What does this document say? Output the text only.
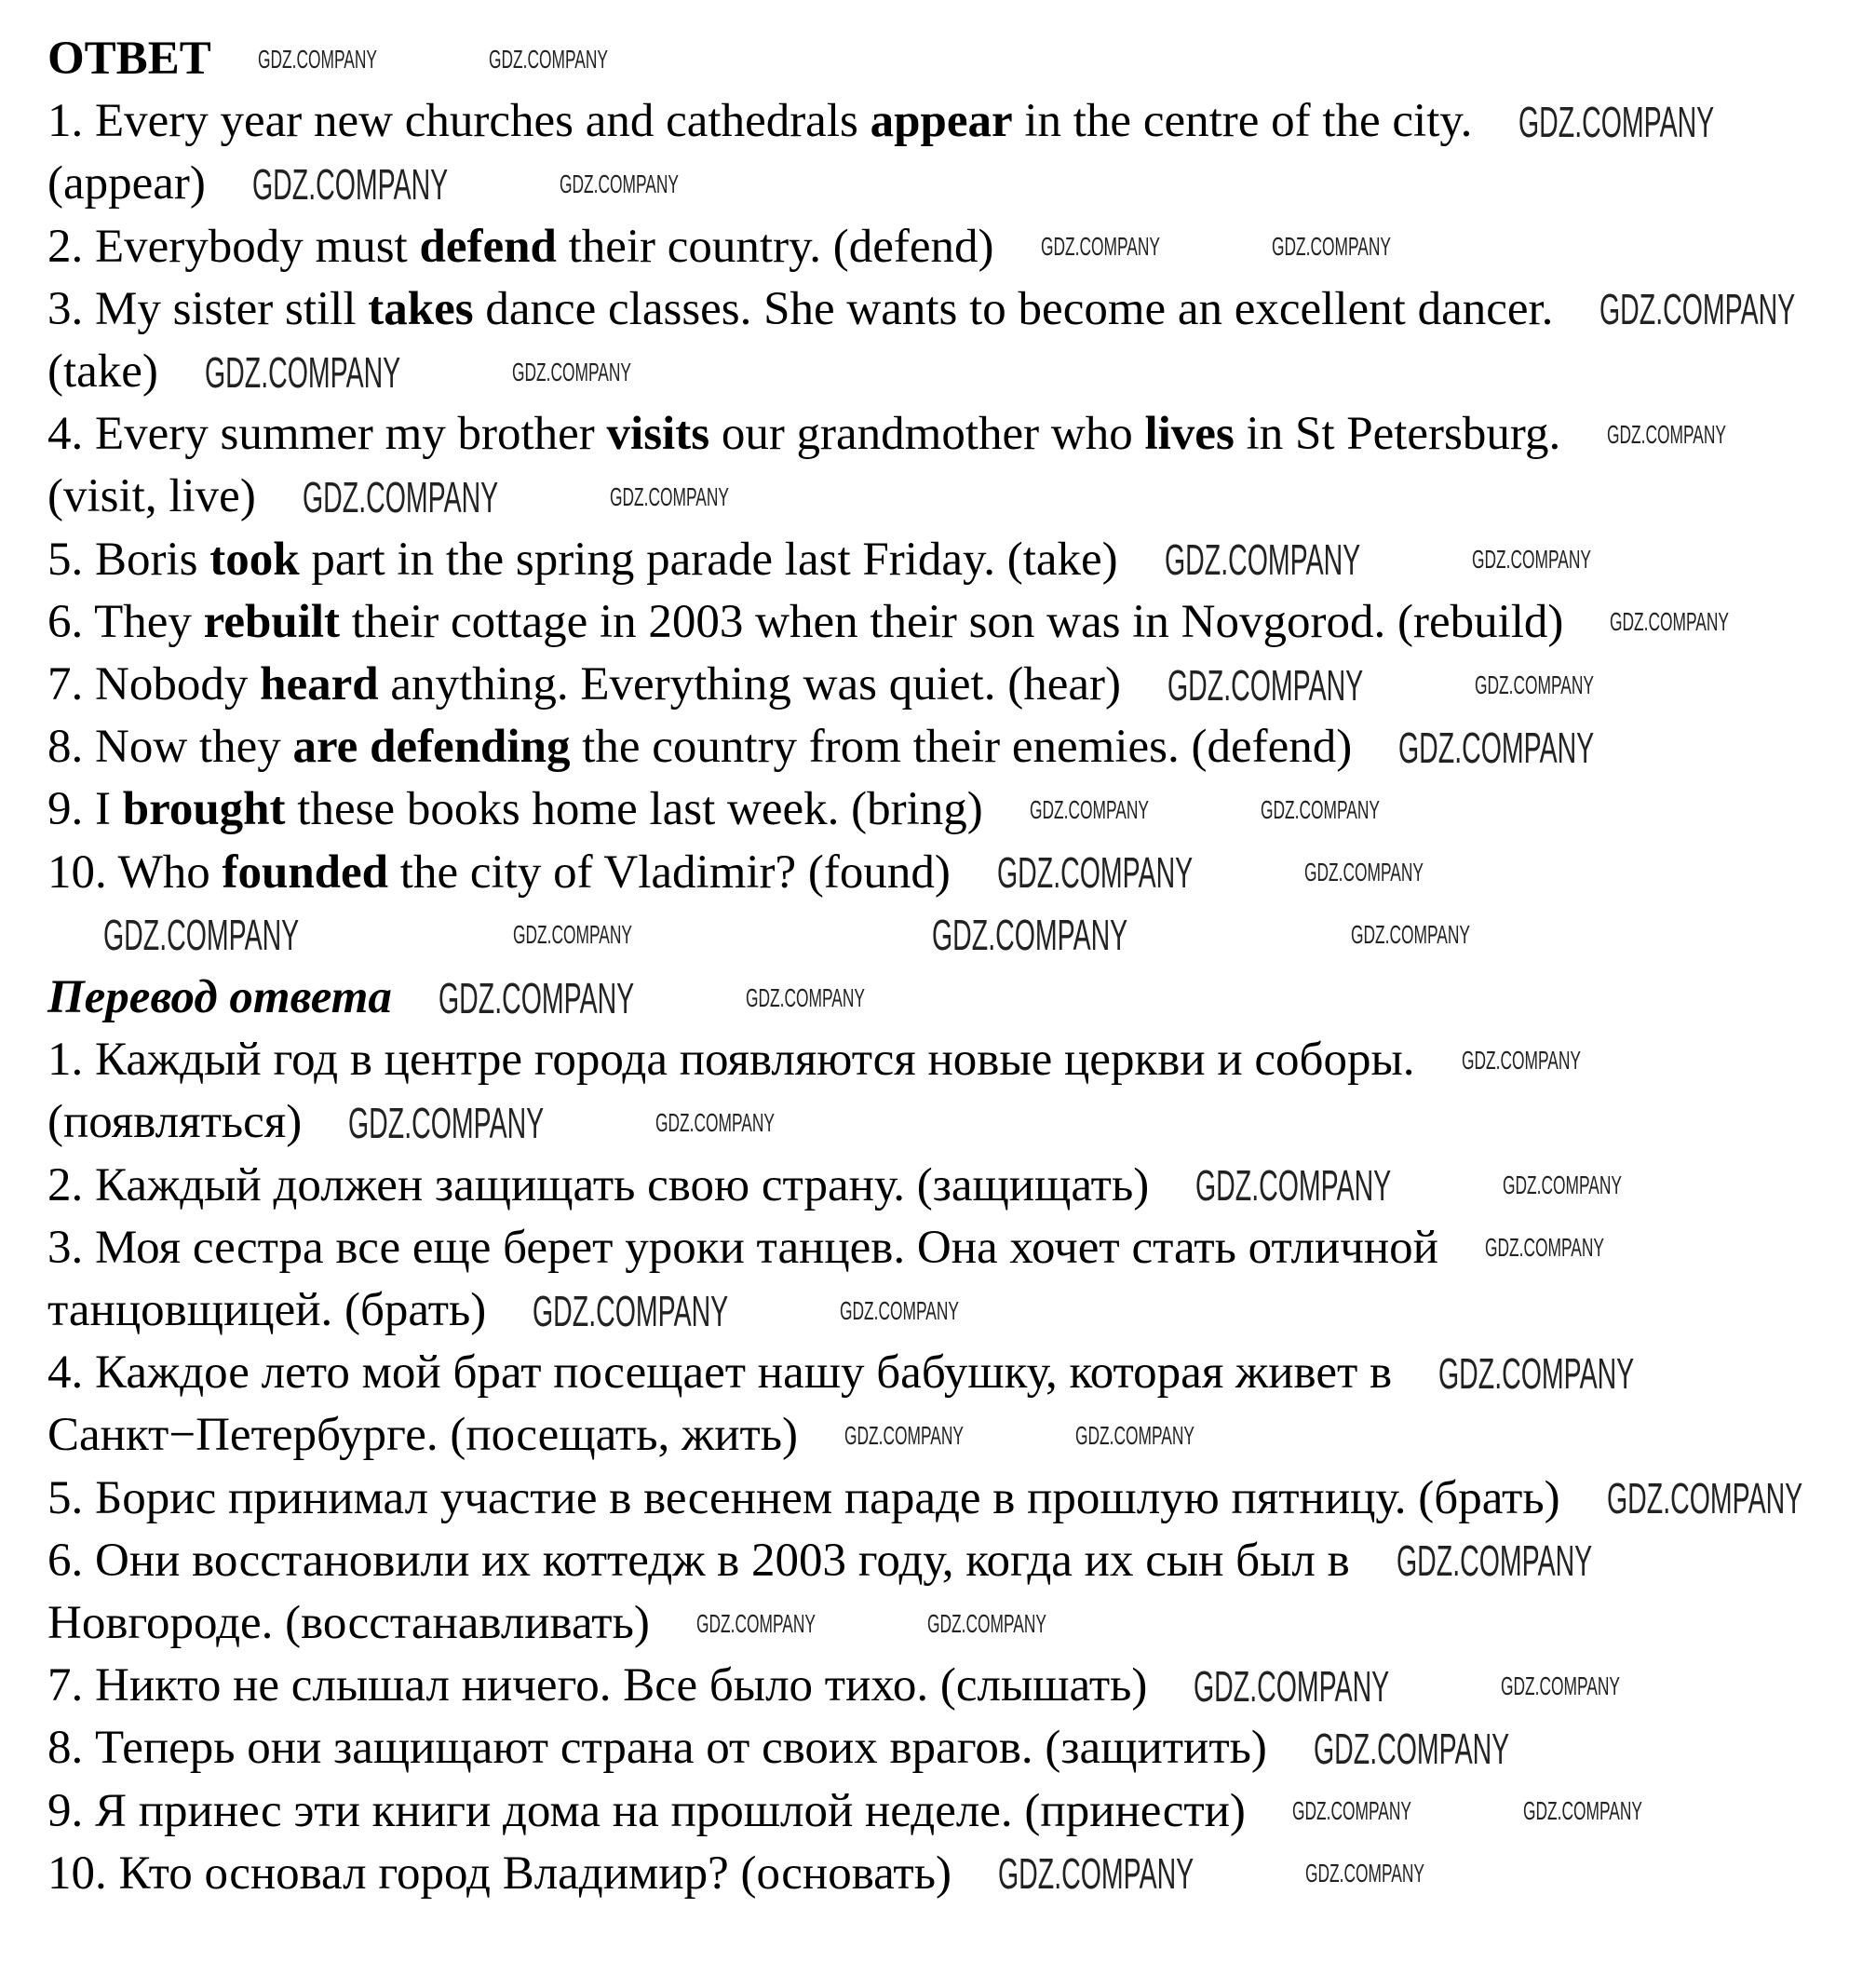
ОТВЕТ
1. Every year new churches and cathedrals appear in the centre of the city.
(appear)
2. Everybody must defend their country. (defend)
3. My sister still takes dance classes. She wants to become an excellent dancer.
(take)
4. Every summer my brother visits our grandmother who lives in St Petersburg.
(visit, live)
5. Boris took part in the spring parade last Friday. (take)
6. They rebuilt their cottage in 2003 when their son was in Novgorod. (rebuild)
7. Nobody heard anything. Everything was quiet. (hear)
8. Now they are defending the country from their enemies. (defend)
9. I brought these books home last week. (bring)
10. Who founded the city of Vladimir? (found)
Перевод ответа
1. Каждый год в центре города появляются новые церкви и соборы.
(появляться)
2. Каждый должен защищать свою страну. (защищать)
3. Моя сестра все еще берет уроки танцев. Она хочет стать отличной
танцовщицей. (брать)
4. Каждое лето мой брат посещает нашу бабушку, которая живет в
Санкт−Петербурге. (посещать, жить)
5. Борис принимал участие в весеннем параде в прошлую пятницу. (брать)
6. Они восстановили их коттедж в 2003 году, когда их сын был в
Новгороде. (восстанавливать)
7. Никто не слышал ничего. Все было тихо. (слышать)
8. Теперь они защищают страна от своих врагов. (защитить)
9. Я принес эти книги дома на прошлой неделе. (принести)
10. Кто основал город Владимир? (основать)
GDZ.COMPANY	GDZ.COMPANY
GDZ.COMPANY
GDZ.COMPANY	GDZ.COMPANY
GDZ.COMPANY	GDZ.COMPANY
GDZ.COMPANY
GDZ.COMPANY	GDZ.COMPANY
GDZ.COMPANY
GDZ.COMPANY	GDZ.COMPANY
GDZ.COMPANY	GDZ.COMPANY
GDZ.COMPANY
GDZ.COMPANY	GDZ.COMPANY
GDZ.COMPANY
GDZ.COMPANY	GDZ.COMPANY
GDZ.COMPANY	GDZ.COMPANY
GDZ.COMPANY	GDZ.COMPANY
GDZ.COMPANY
GDZ.COMPANY	GDZ.COMPANY
GDZ.COMPANY	GDZ.COMPANY
GDZ.COMPANY
GDZ.COMPANY	GDZ.COMPANY
GDZ.COMPANY
GDZ.COMPANY	GDZ.COMPANY
GDZ.COMPANY
GDZ.COMPANY
GDZ.COMPANY	GDZ.COMPANY
GDZ.COMPANY	GDZ.COMPANY
GDZ.COMPANY
GDZ.COMPANY	GDZ.COMPANY
GDZ.COMPANY	GDZ.COMPANY
GDZ.COMPANY	GDZ.COMPANY	GDZ.COMPANY	GDZ.COMPANY
